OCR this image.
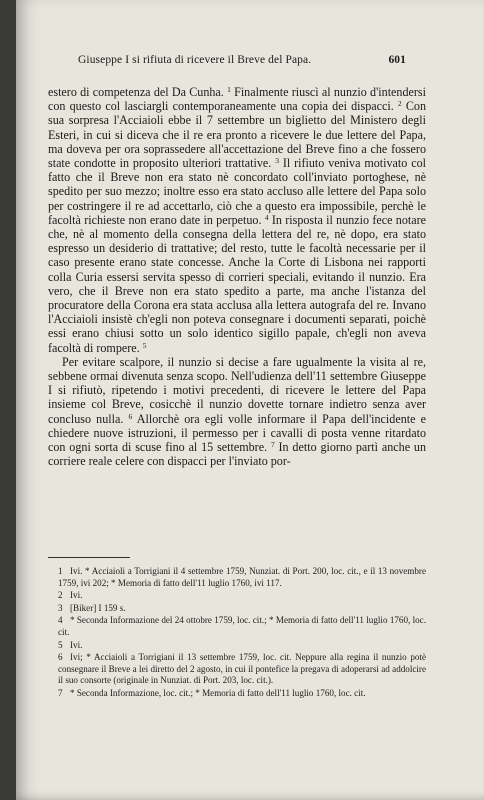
Giuseppe I si rifiuta di ricevere il Breve del Papa.	601

estero di competenza del Da Cunha. $^1$ Finalmente riuscì al nunzio d'intendersi con questo col lasciargli contemporaneamente una copia dei dispacci. $^2$ Con sua sorpresa l'Acciaioli ebbe il 7 settembre un biglietto del Ministero degli Esteri, in cui si diceva che il re era pronto a ricevere le due lettere del Papa, ma doveva per ora soprassedere all'accettazione del Breve fino a che fossero state condotte in proposito ulteriori trattative. $^3$ Il rifiuto veniva motivato col fatto che il Breve non era stato nè concordato coll'inviato portoghese, nè spedito per suo mezzo; inoltre esso era stato accluso alle lettere del Papa solo per costringere il re ad accettarlo, ciò che a questo era impossibile, perchè le facoltà richieste non erano date in perpetuo. $^4$ In risposta il nunzio fece notare che, nè al momento della consegna della lettera del re, nè dopo, era stato espresso un desiderio di trattative; del resto, tutte le facoltà necessarie per il caso presente erano state concesse. Anche la Corte di Lisbona nei rapporti colla Curia essersi servita spesso di corrieri speciali, evitando il nunzio. Era vero, che il Breve non era stato spedito a parte, ma anche l'istanza del procuratore della Corona era stata acclusa alla lettera autografa del re. Invano l'Acciaioli insistè ch'egli non poteva consegnare i documenti separati, poichè essi erano chiusi sotto un solo identico sigillo papale, ch'egli non aveva facoltà di rompere. $^5$

Per evitare scalpore, il nunzio si decise a fare ugualmente la visita al re, sebbene ormai divenuta senza scopo. Nell'udienza dell'11 settembre Giuseppe I si rifiutò, ripetendo i motivi precedenti, di ricevere le lettere del Papa insieme col Breve, cosicchè il nunzio dovette tornare indietro senza aver concluso nulla. $^6$ Allorchè ora egli volle informare il Papa dell'incidente e chiedere nuove istruzioni, il permesso per i cavalli di posta venne ritardato con ogni sorta di scuse fino al 15 settembre. $^7$ In detto giorno partì anche un corriere reale celere con dispacci per l'inviato por-

1 Ivi. * Acciaioli a Torrigiani il 4 settembre 1759, Nunziat. di Port. 200, loc. cit., e il 13 novembre 1759, ivi 202; * Memoria di fatto dell'11 luglio 1760, ivi 117.
2 Ivi.
3 [Biker] I 159 s.
4 * Seconda Informazione del 24 ottobre 1759, loc. cit.; * Memoria di fatto dell'11 luglio 1760, loc. cit.
5 Ivi.
6 Ivi; * Acciaioli a Torrigiani il 13 settembre 1759, loc. cit. Neppure alla regina il nunzio potè consegnare il Breve a lei diretto del 2 agosto, in cui il pontefice la pregava di adoperarsi ad addolcire il suo consorte (originale in Nunziat. di Port. 203, loc. cit.).
7 * Seconda Informazione, loc. cit.; * Memoria di fatto dell'11 luglio 1760, loc. cit.
